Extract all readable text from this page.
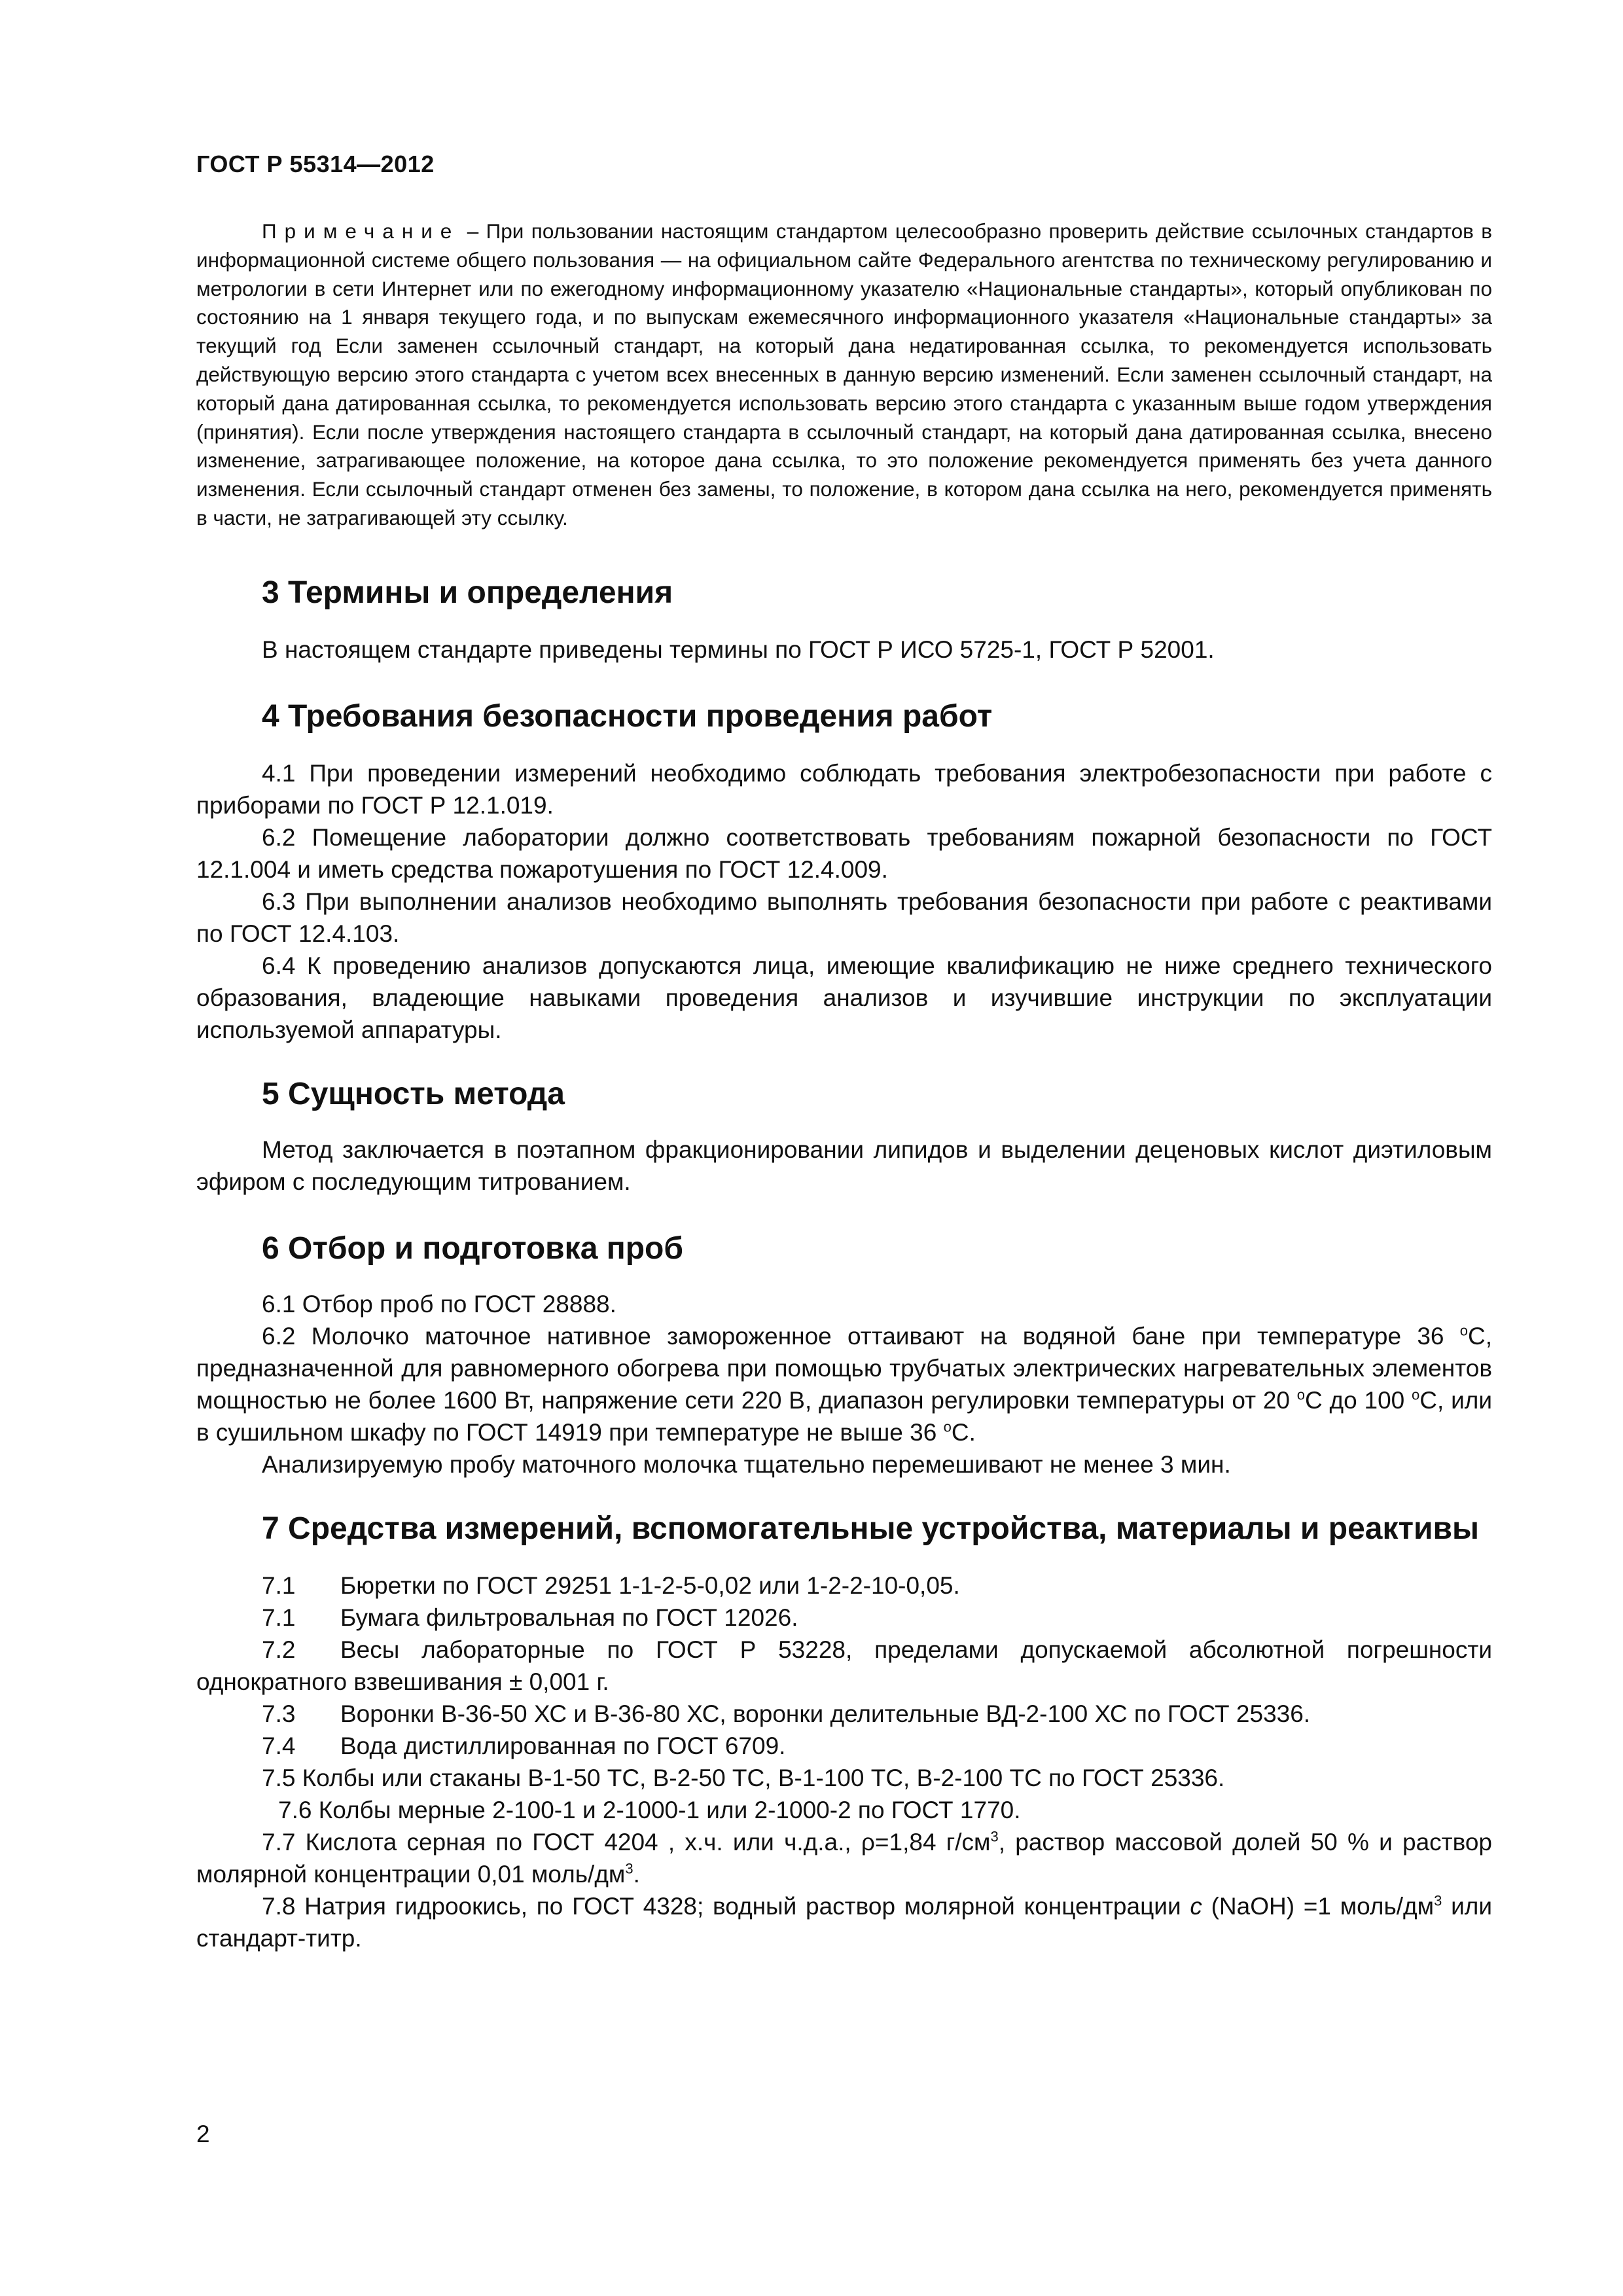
ГОСТ Р 55314—2012

Примечание – При пользовании настоящим стандартом целесообразно проверить действие ссылочных стандартов в информационной системе общего пользования — на официальном сайте Федерального агентства по техническому регулированию и метрологии в сети Интернет или по ежегодному информационному указателю «Национальные стандарты», который опубликован по состоянию на 1 января текущего года, и по выпускам ежемесячного информационного указателя «Национальные стандарты» за текущий год Если заменен ссылочный стандарт, на который дана недатированная ссылка, то рекомендуется использовать действующую версию этого стандарта с учетом всех внесенных в данную версию изменений. Если заменен ссылочный стандарт, на который дана датированная ссылка, то рекомендуется использовать версию этого стандарта с указанным выше годом утверждения (принятия). Если после утверждения настоящего стандарта в ссылочный стандарт, на который дана датированная ссылка, внесено изменение, затрагивающее положение, на которое дана ссылка, то это положение рекомендуется применять без учета данного изменения. Если ссылочный стандарт отменен без замены, то положение, в котором дана ссылка на него, рекомендуется применять в части, не затрагивающей эту ссылку.

3 Термины и определения

В настоящем стандарте приведены термины по ГОСТ Р ИСО 5725-1, ГОСТ Р 52001.

4 Требования безопасности проведения работ

4.1 При проведении измерений необходимо соблюдать требования электробезопасности при работе с приборами по ГОСТ Р 12.1.019.

6.2 Помещение лаборатории должно соответствовать требованиям пожарной безопасности по ГОСТ 12.1.004 и иметь средства пожаротушения по ГОСТ 12.4.009.

6.3 При выполнении анализов необходимо выполнять требования безопасности при работе с реактивами по ГОСТ 12.4.103.

6.4 К проведению анализов допускаются лица, имеющие квалификацию не ниже среднего технического образования, владеющие навыками проведения анализов и изучившие инструкции по эксплуатации используемой аппаратуры.

5 Сущность метода

Метод заключается в поэтапном фракционировании липидов и выделении деценовых кислот диэтиловым эфиром с последующим титрованием.

6 Отбор и подготовка проб

6.1 Отбор проб по ГОСТ 28888.

6.2 Молочко маточное нативное замороженное оттаивают на водяной бане при температуре 36 $^o$С, предназначенной для равномерного обогрева при помощью трубчатых электрических нагревательных элементов мощностью не более 1600 Вт, напряжение сети 220 В, диапазон регулировки температуры от 20 $^o$С до 100 $^o$С, или в сушильном шкафу по ГОСТ 14919 при температуре не выше 36 $^o$С.

Анализируемую пробу маточного молочка тщательно перемешивают не менее 3 мин.

7 Средства измерений, вспомогательные устройства, материалы и реактивы

7.1 Бюретки по ГОСТ 29251 1-1-2-5-0,02 или 1-2-2-10-0,05.

7.1 Бумага фильтровальная по ГОСТ 12026.

7.2 Весы лабораторные по ГОСТ Р 53228, пределами допускаемой абсолютной погрешности однократного взвешивания ± 0,001 г.

7.3 Воронки В-36-50 ХС и В-36-80 ХС, воронки делительные ВД-2-100 ХС по ГОСТ 25336.

7.4 Вода дистиллированная по ГОСТ 6709.

7.5 Колбы или стаканы В-1-50 ТС, В-2-50 ТС, В-1-100 ТС, В-2-100 ТС по ГОСТ 25336.

7.6 Колбы мерные 2-100-1 и 2-1000-1 или 2-1000-2 по ГОСТ 1770.

7.7 Кислота серная по ГОСТ 4204 , х.ч. или ч.д.а., ρ=1,84 $г/см^3$, раствор массовой долей 50 % и раствор молярной концентрации 0,01 моль/$дм^3$.

7.8 Натрия гидроокись, по ГОСТ 4328; водный раствор молярной концентрации c (NaOH) =1 моль/$дм^3$ или стандарт-титр.

2
